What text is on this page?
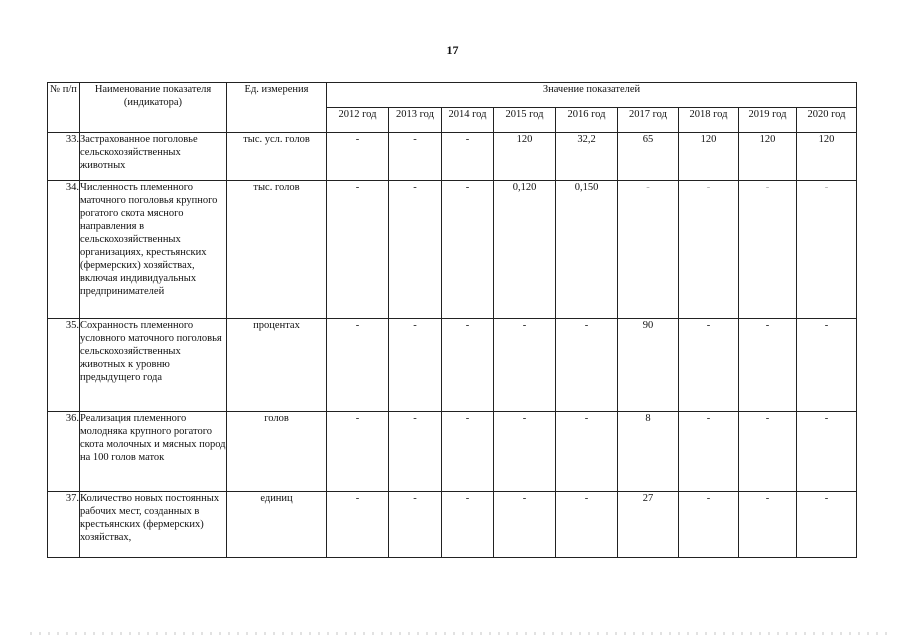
17
№ п/п	Наименование показателя (индикатора)	Ед. измерения	Значение показателей								
			2012 год	2013 год	2014 год	2015 год	2016 год	2017 год	2018 год	2019 год	2020 год
33.	Застрахованное поголовье сельскохозяйственных животных	тыс. усл. голов	-	-	-	120	32,2	65	120	120	120
34.	Численность племенного маточного поголовья крупного рогатого скота мясного направления в сельскохозяйственных организациях, крестьянских (фермерских) хозяйствах, включая индивидуальных предпринимателей	тыс. голов	-	-	-	0,120	0,150	-	-	-	-
35.	Сохранность племенного условного маточного поголовья сельскохозяйственных животных к уровню предыдущего года	процентах	-	-	-	-	-	90	-	-	-
36.	Реализация племенного молодняка крупного рогатого скота молочных и мясных пород на 100 голов маток	голов	-	-	-	-	-	8	-	-	-
37.	Количество новых постоянных рабочих мест, созданных в крестьянских (фермерских) хозяйствах,	единиц	-	-	-	-	-	27	-	-	-
